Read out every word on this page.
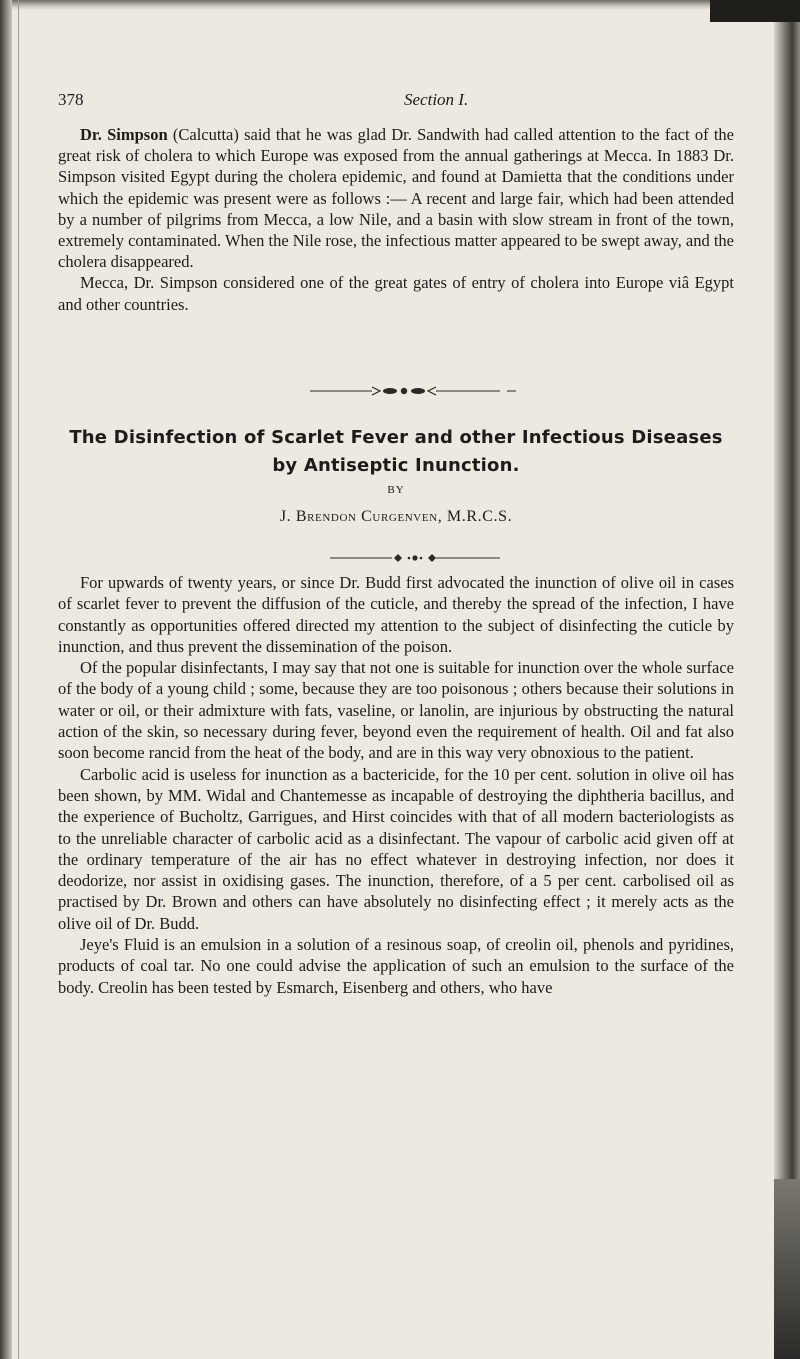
378	Section I.

Dr. Simpson (Calcutta) said that he was glad Dr. Sandwith had called attention to the fact of the great risk of cholera to which Europe was exposed from the annual gatherings at Mecca. In 1883 Dr. Simpson visited Egypt during the cholera epidemic, and found at Damietta that the conditions under which the epidemic was present were as follows :— A recent and large fair, which had been attended by a number of pilgrims from Mecca, a low Nile, and a basin with slow stream in front of the town, extremely contaminated. When the Nile rose, the infectious matter appeared to be swept away, and the cholera disappeared.

Mecca, Dr. Simpson considered one of the great gates of entry of cholera into Europe viâ Egypt and other countries.

The Disinfection of Scarlet Fever and other Infectious Diseases by Antiseptic Inunction.
BY
J. Brendon Curgenven, M.R.C.S.

For upwards of twenty years, or since Dr. Budd first advocated the inunction of olive oil in cases of scarlet fever to prevent the diffusion of the cuticle, and thereby the spread of the infection, I have constantly as opportunities offered directed my attention to the subject of disinfecting the cuticle by inunction, and thus prevent the dissemination of the poison.

Of the popular disinfectants, I may say that not one is suitable for inunction over the whole surface of the body of a young child ; some, because they are too poisonous ; others because their solutions in water or oil, or their admixture with fats, vaseline, or lanolin, are injurious by obstructing the natural action of the skin, so necessary during fever, beyond even the requirement of health. Oil and fat also soon become rancid from the heat of the body, and are in this way very obnoxious to the patient.

Carbolic acid is useless for inunction as a bactericide, for the 10 per cent. solution in olive oil has been shown, by MM. Widal and Chantemesse as incapable of destroying the diphtheria bacillus, and the experience of Bucholtz, Garrigues, and Hirst coincides with that of all modern bacteriologists as to the unreliable character of carbolic acid as a disinfectant. The vapour of carbolic acid given off at the ordinary temperature of the air has no effect whatever in destroying infection, nor does it deodorize, nor assist in oxidising gases. The inunction, therefore, of a 5 per cent. carbolised oil as practised by Dr. Brown and others can have absolutely no disinfecting effect ; it merely acts as the olive oil of Dr. Budd.

Jeye's Fluid is an emulsion in a solution of a resinous soap, of creolin oil, phenols and pyridines, products of coal tar. No one could advise the application of such an emulsion to the surface of the body. Creolin has been tested by Esmarch, Eisenberg and others, who have
